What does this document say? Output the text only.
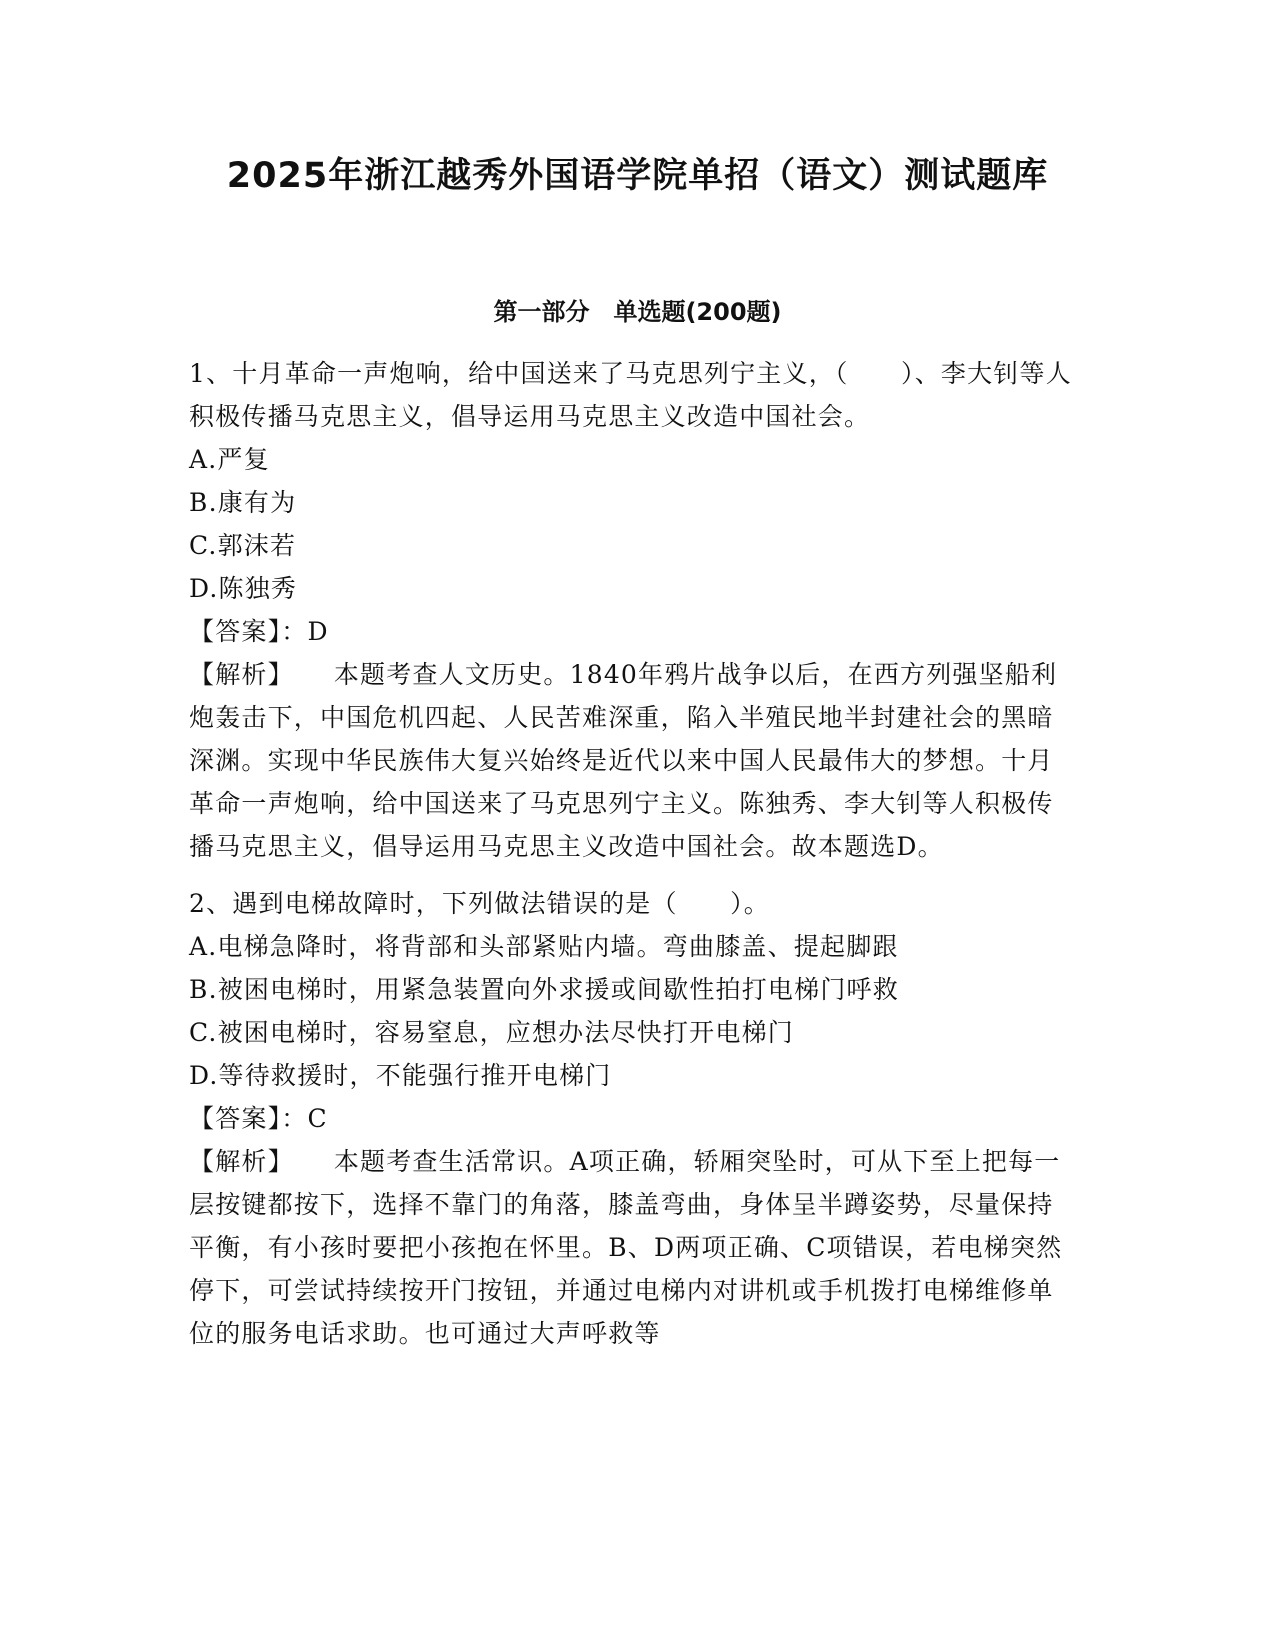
2025年浙江越秀外国语学院单招（语文）测试题库
第一部分　单选题(200题)

1、十月革命一声炮响，给中国送来了马克思列宁主义，（　　）、李大钊等人积极传播马克思主义，倡导运用马克思主义改造中国社会。

A.严复

B.康有为

C.郭沫若

D.陈独秀

【答案】：D

【解析】 本题考查人文历史。1840年鸦片战争以后，在西方列强坚船利炮轰击下，中国危机四起、人民苦难深重，陷入半殖民地半封建社会的黑暗深渊。实现中华民族伟大复兴始终是近代以来中国人民最伟大的梦想。十月革命一声炮响，给中国送来了马克思列宁主义。陈独秀、李大钊等人积极传播马克思主义，倡导运用马克思主义改造中国社会。故本题选D。

2、遇到电梯故障时，下列做法错误的是（　　）。

A.电梯急降时，将背部和头部紧贴内墙。弯曲膝盖、提起脚跟

B.被困电梯时，用紧急装置向外求援或间歇性拍打电梯门呼救

C.被困电梯时，容易窒息，应想办法尽快打开电梯门

D.等待救援时，不能强行推开电梯门

【答案】：C

【解析】 本题考查生活常识。A项正确，轿厢突坠时，可从下至上把每一层按键都按下，选择不靠门的角落，膝盖弯曲，身体呈半蹲姿势，尽量保持平衡，有小孩时要把小孩抱在怀里。B、D两项正确、C项错误，若电梯突然停下，可尝试持续按开门按钮，并通过电梯内对讲机或手机拨打电梯维修单位的服务电话求助。也可通过大声呼救等
